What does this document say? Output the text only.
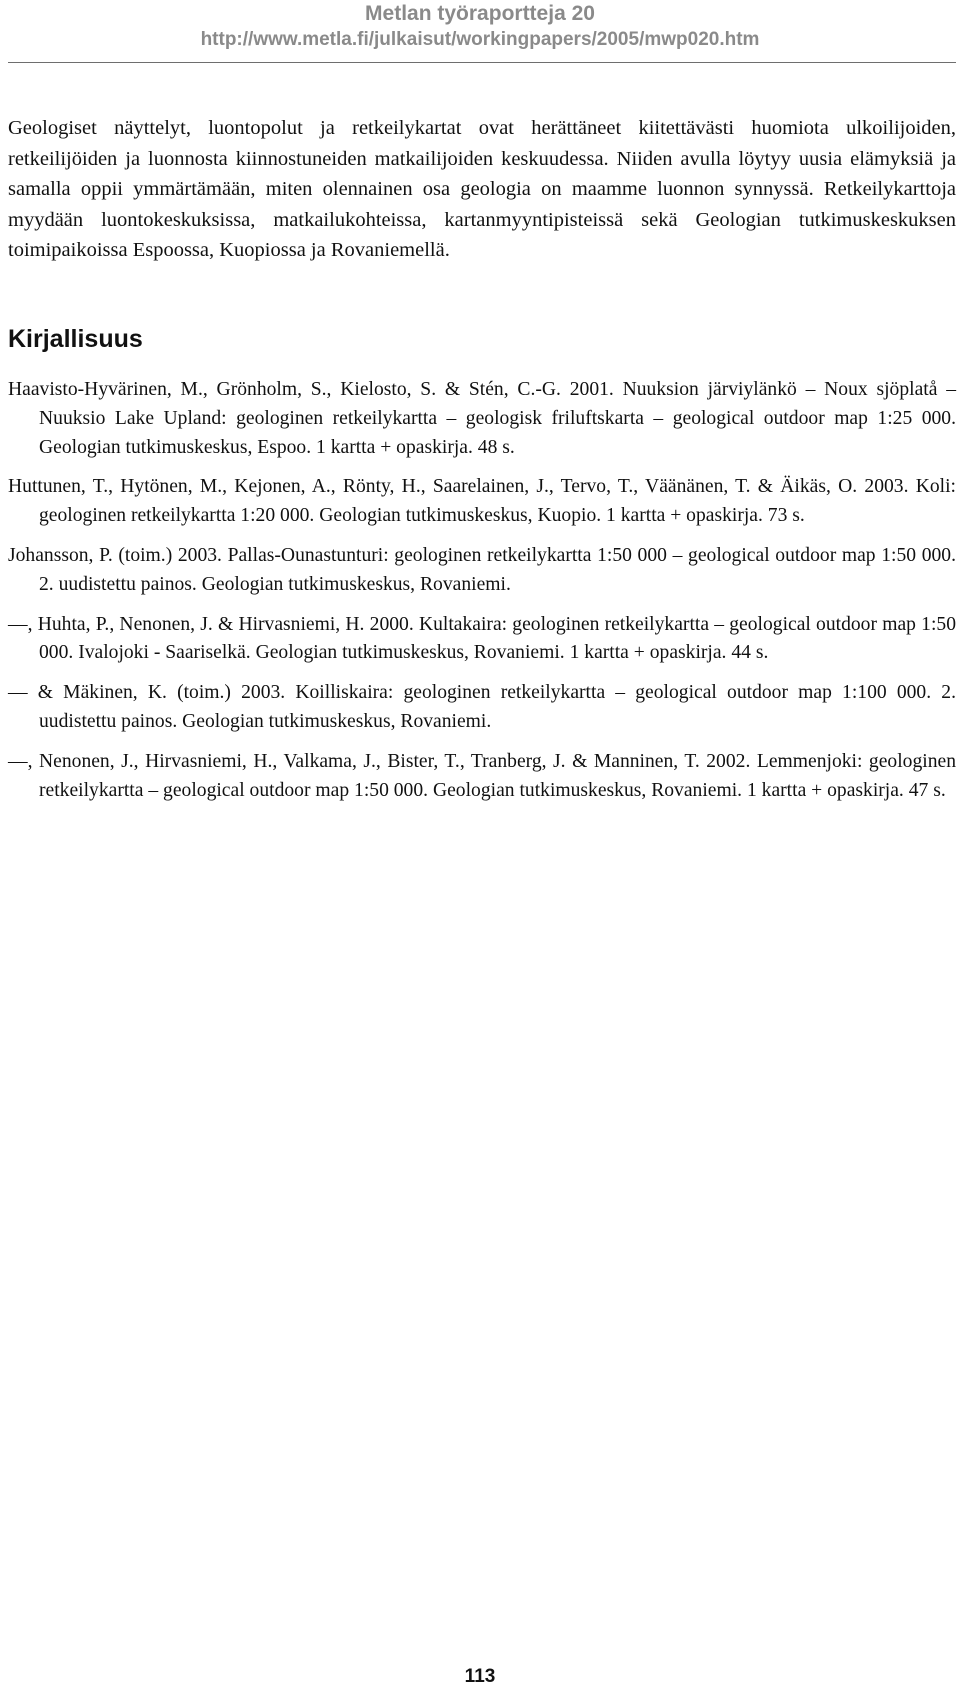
Metlan työraportteja 20
http://www.metla.fi/julkaisut/workingpapers/2005/mwp020.htm

Geologiset näyttelyt, luontopolut ja retkeilykartat ovat herättäneet kiitettävästi huomiota ulkoilijoiden, retkeilijöiden ja luonnosta kiinnostuneiden matkailijoiden keskuudessa. Niiden avulla löytyy uusia elämyksiä ja samalla oppii ymmärtämään, miten olennainen osa geologia on maamme luonnon synnyssä. Retkeilykarttoja myydään luontokeskuksissa, matkailukohteissa, kartanmyyntipisteissä sekä Geologian tutkimuskeskuksen toimipaikoissa Espoossa, Kuopiossa ja Rovaniemellä.

Kirjallisuus

Haavisto-Hyvärinen, M., Grönholm, S., Kielosto, S. & Stén, C.-G. 2001. Nuuksion järviylänkö – Noux sjöplatå – Nuuksio Lake Upland: geologinen retkeilykartta – geologisk friluftskarta – geological outdoor map 1:25 000. Geologian tutkimuskeskus, Espoo. 1 kartta + opaskirja. 48 s.

Huttunen, T., Hytönen, M., Kejonen, A., Rönty, H., Saarelainen, J., Tervo, T., Väänänen, T. & Äikäs, O. 2003. Koli: geologinen retkeilykartta 1:20 000. Geologian tutkimuskeskus, Kuopio. 1 kartta + opaskirja. 73 s.

Johansson, P. (toim.) 2003. Pallas-Ounastunturi: geologinen retkeilykartta 1:50 000 – geological outdoor map 1:50 000. 2. uudistettu painos. Geologian tutkimuskeskus, Rovaniemi.

—, Huhta, P., Nenonen, J. & Hirvasniemi, H. 2000. Kultakaira: geologinen retkeilykartta – geological outdoor map 1:50 000. Ivalojoki - Saariselkä. Geologian tutkimuskeskus, Rovaniemi. 1 kartta + opaskirja. 44 s.

— & Mäkinen, K. (toim.) 2003. Koilliskaira: geologinen retkeilykartta – geological outdoor map 1:100 000. 2. uudistettu painos. Geologian tutkimuskeskus, Rovaniemi.

—, Nenonen, J., Hirvasniemi, H., Valkama, J., Bister, T., Tranberg, J. & Manninen, T. 2002. Lemmenjoki: geologinen retkeilykartta – geological outdoor map 1:50 000. Geologian tutkimuskeskus, Rovaniemi. 1 kartta + opaskirja. 47 s.

113
